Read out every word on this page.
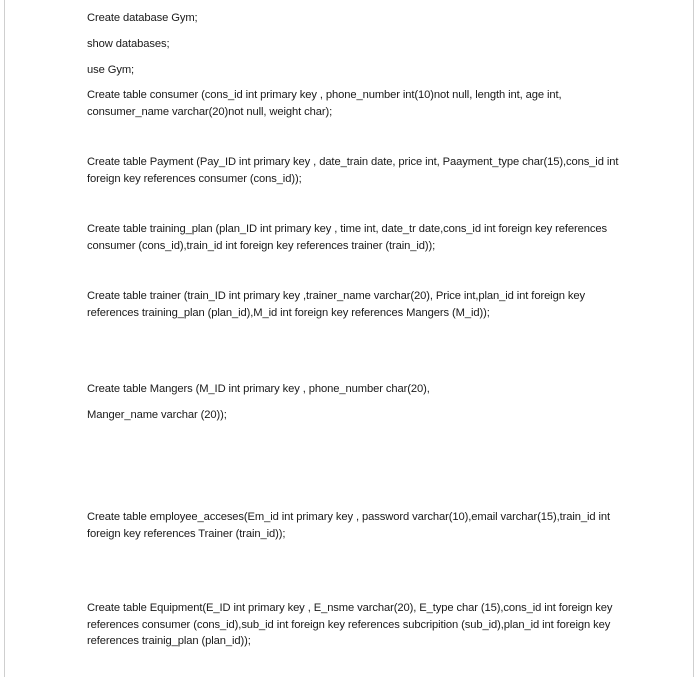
Create database Gym;
show databases;
use Gym;
Create table consumer (cons_id int primary key , phone_number int(10)not null, length int, age int, consumer_name varchar(20)not null, weight char);
Create table Payment (Pay_ID int primary key , date_train date, price int, Paayment_type char(15),cons_id int foreign key references consumer (cons_id));
Create table training_plan (plan_ID int primary key , time int, date_tr date,cons_id int foreign key references consumer (cons_id),train_id int foreign key references trainer (train_id));
Create table trainer (train_ID int primary key ,trainer_name varchar(20), Price int,plan_id int foreign key references training_plan (plan_id),M_id int foreign key references Mangers (M_id));
Create table Mangers (M_ID int primary key , phone_number char(20),
Manger_name varchar (20));
Create table employee_acceses(Em_id int primary key , password varchar(10),email varchar(15),train_id int foreign key references Trainer (train_id));
Create table Equipment(E_ID int primary key , E_nsme varchar(20), E_type char (15),cons_id int foreign key references consumer (cons_id),sub_id int foreign key references subcripition (sub_id),plan_id int foreign key references trainig_plan (plan_id));
